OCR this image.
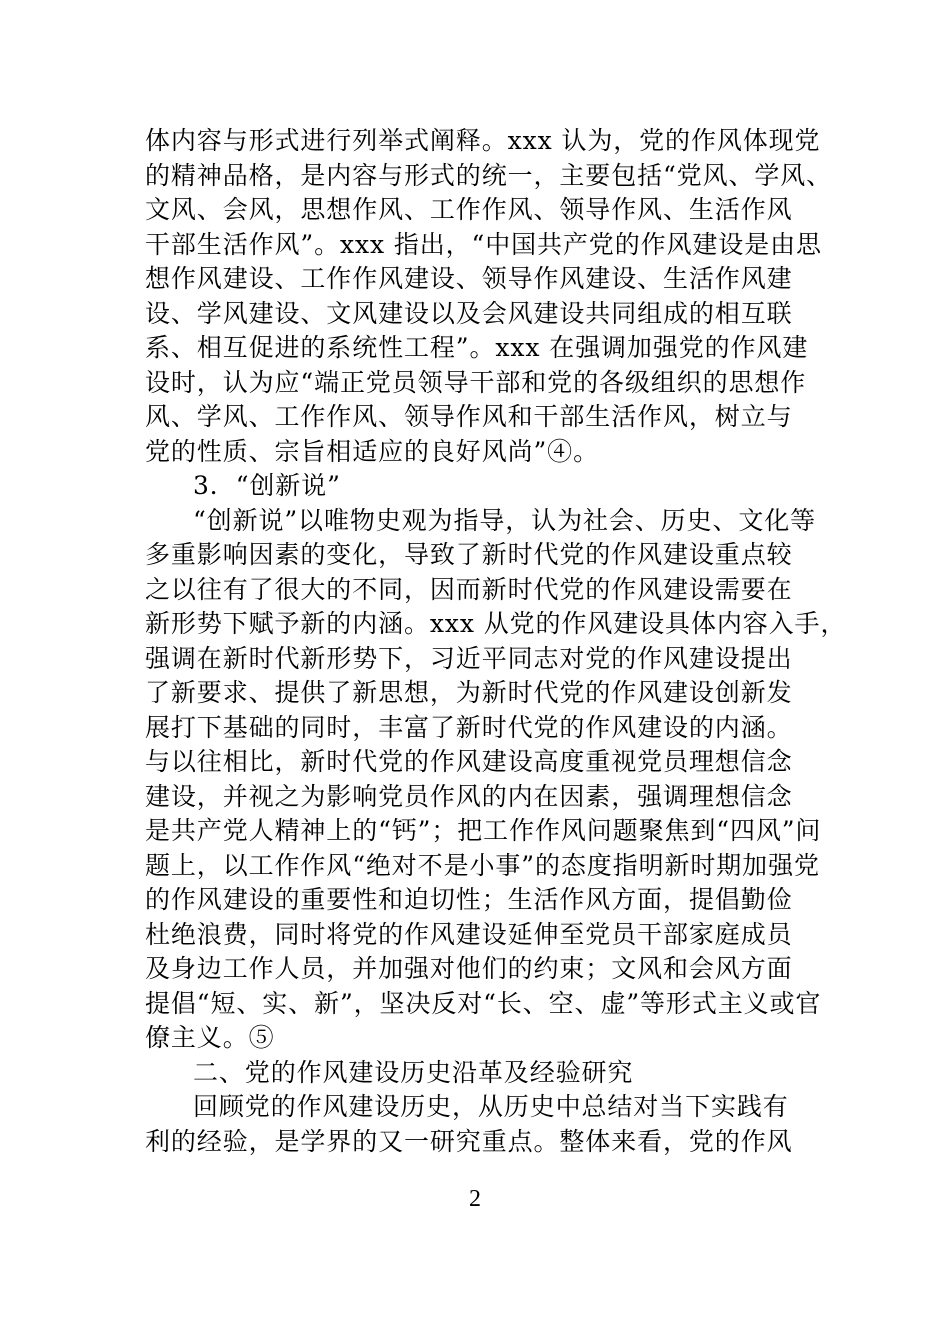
体内容与形式进行列举式阐释。xxx 认为，党的作风体现党
的精神品格，是内容与形式的统一，主要包括“党风、学风、
文风、会风，思想作风、工作作风、领导作风、生活作风
干部生活作风”。xxx 指出，“中国共产党的作风建设是由思
想作风建设、工作作风建设、领导作风建设、生活作风建
设、学风建设、文风建设以及会风建设共同组成的相互联
系、相互促进的系统性工程”。xxx 在强调加强党的作风建
设时，认为应“端正党员领导干部和党的各级组织的思想作
风、学风、工作作风、领导作风和干部生活作风，树立与
党的性质、宗旨相适应的良好风尚”④。
3．“创新说”
“创新说”以唯物史观为指导，认为社会、历史、文化等
多重影响因素的变化，导致了新时代党的作风建设重点较
之以往有了很大的不同，因而新时代党的作风建设需要在
新形势下赋予新的内涵。xxx 从党的作风建设具体内容入手，
强调在新时代新形势下，习近平同志对党的作风建设提出
了新要求、提供了新思想，为新时代党的作风建设创新发
展打下基础的同时，丰富了新时代党的作风建设的内涵。
与以往相比，新时代党的作风建设高度重视党员理想信念
建设，并视之为影响党员作风的内在因素，强调理想信念
是共产党人精神上的“钙”；把工作作风问题聚焦到“四风”问
题上，以工作作风“绝对不是小事”的态度指明新时期加强党
的作风建设的重要性和迫切性；生活作风方面，提倡勤俭
杜绝浪费，同时将党的作风建设延伸至党员干部家庭成员
及身边工作人员，并加强对他们的约束；文风和会风方面
提倡“短、实、新”，坚决反对“长、空、虚”等形式主义或官
僚主义。⑤
二、党的作风建设历史沿革及经验研究
回顾党的作风建设历史，从历史中总结对当下实践有
利的经验，是学界的又一研究重点。整体来看，党的作风
2
